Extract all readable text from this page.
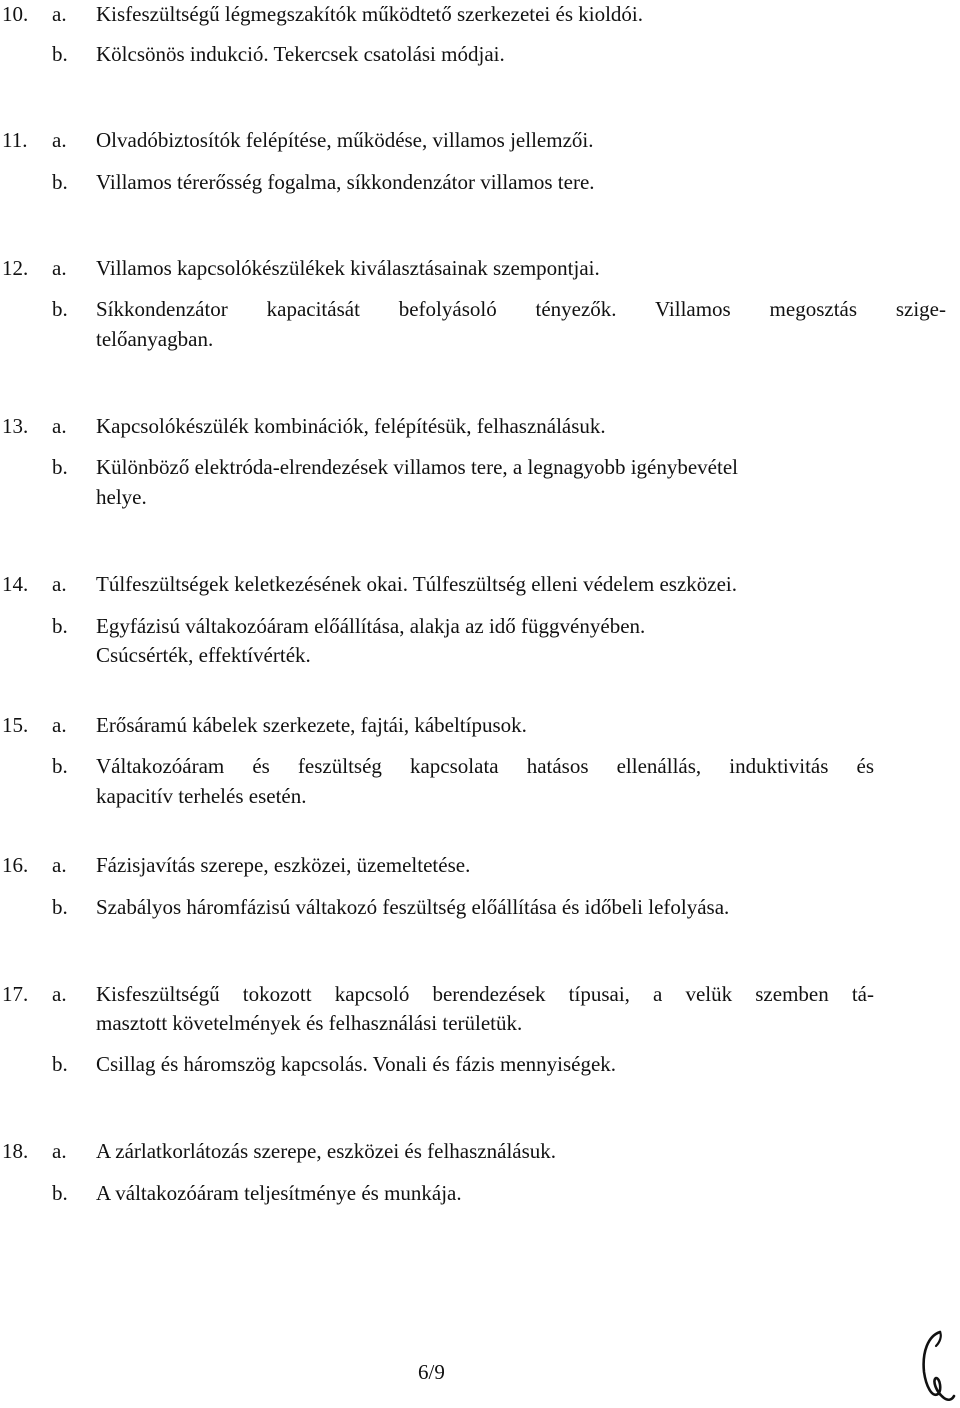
10. a. Kisfeszültségű légmegszakítók működtető szerkezetei és kioldói.
b. Kölcsönös indukció. Tekercsek csatolási módjai.
11. a. Olvadóbiztosítók felépítése, működése, villamos jellemzői.
b. Villamos térerősség fogalma, síkkondenzátor villamos tere.
12. a. Villamos kapcsolókészülékek kiválasztásainak szempontjai.
b. Síkkondenzátor kapacitását befolyásoló tényezők. Villamos megosztás szige-
telőanyagban.
13. a. Kapcsolókészülék kombinációk, felépítésük, felhasználásuk.
b. Különböző elektróda-elrendezések villamos tere, a legnagyobb igénybevétel
helye.
14. a. Túlfeszültségek keletkezésének okai. Túlfeszültség elleni védelem eszközei.
b. Egyfázisú váltakozóáram előállítása, alakja az idő függvényében.
Csúcsérték, effektívérték.
15. a. Erősáramú kábelek szerkezete, fajtái, kábeltípusok.
b. Váltakozóáram és feszültség kapcsolata hatásos ellenállás, induktivitás és
kapacitív terhelés esetén.
16. a. Fázisjavítás szerepe, eszközei, üzemeltetése.
b. Szabályos háromfázisú váltakozó feszültség előállítása és időbeli lefolyása.
17. a. Kisfeszültségű tokozott kapcsoló berendezések típusai, a velük szemben tá-
masztott követelmények és felhasználási területük.
b. Csillag és háromszög kapcsolás. Vonali és fázis mennyiségek.
18. a. A zárlatkorlátozás szerepe, eszközei és felhasználásuk.
b. A váltakozóáram teljesítménye és munkája.
6/9
